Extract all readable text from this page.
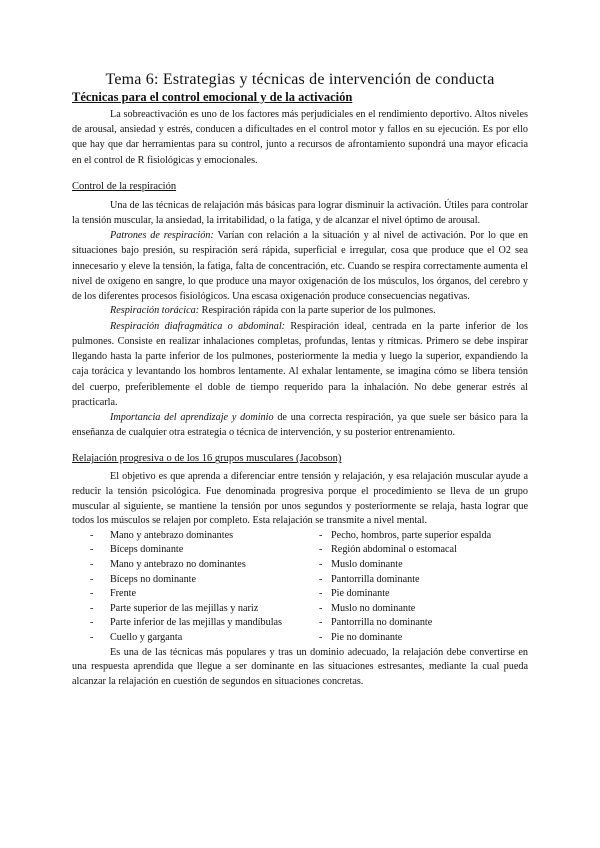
Tema 6: Estrategias y técnicas de intervención de conducta
Técnicas para el control emocional y de la activación

La sobreactivación es uno de los factores más perjudiciales en el rendimiento deportivo. Altos niveles de arousal, ansiedad y estrés, conducen a dificultades en el control motor y fallos en su ejecución. Es por ello que hay que dar herramientas para su control, junto a recursos de afrontamiento supondrá una mayor eficacia en el control de R fisiológicas y emocionales.

Control de la respiración

Una de las técnicas de relajación más básicas para lograr disminuir la activación. Útiles para controlar la tensión muscular, la ansiedad, la irritabilidad, o la fatiga, y de alcanzar el nivel óptimo de arousal.

Patrones de respiración: Varían con relación a la situación y al nivel de activación. Por lo que en situaciones bajo presión, su respiración será rápida, superficial e irregular, cosa que produce que el O2 sea innecesario y eleve la tensión, la fatiga, falta de concentración, etc. Cuando se respira correctamente aumenta el nivel de oxígeno en sangre, lo que produce una mayor oxigenación de los músculos, los órganos, del cerebro y de los diferentes procesos fisiológicos. Una escasa oxigenación produce consecuencias negativas.

Respiración torácica: Respiración rápida con la parte superior de los pulmones.

Respiración diafragmática o abdominal: Respiración ideal, centrada en la parte inferior de los pulmones. Consiste en realizar inhalaciones completas, profundas, lentas y rítmicas. Primero se debe inspirar llegando hasta la parte inferior de los pulmones, posteriormente la media y luego la superior, expandiendo la caja torácica y levantando los hombros lentamente. Al exhalar lentamente, se imagina cómo se libera tensión del cuerpo, preferiblemente el doble de tiempo requerido para la inhalación. No debe generar estrés al practicarla.

Importancia del aprendizaje y dominio de una correcta respiración, ya que suele ser básico para la enseñanza de cualquier otra estrategia o técnica de intervención, y su posterior entrenamiento.

Relajación progresiva o de los 16 grupos musculares (Jacobson)

El objetivo es que aprenda a diferenciar entre tensión y relajación, y esa relajación muscular ayude a reducir la tensión psicológica. Fue denominada progresiva porque el procedimiento se lleva de un grupo muscular al siguiente, se mantiene la tensión por unos segundos y posteriormente se relaja, hasta lograr que todos los músculos se relajen por completo. Esta relajación se transmite a nivel mental.

- Mano y antebrazo dominantes
- Bíceps dominante
- Mano y antebrazo no dominantes
- Bíceps no dominante
- Frente
- Parte superior de las mejillas y nariz
- Parte inferior de las mejillas y mandíbulas
- Cuello y garganta
- Pecho, hombros, parte superior espalda
- Región abdominal o estomacal
- Muslo dominante
- Pantorrilla dominante
- Pie dominante
- Muslo no dominante
- Pantorrilla no dominante
- Pie no dominante

Es una de las técnicas más populares y tras un dominio adecuado, la relajación debe convertirse en una respuesta aprendida que llegue a ser dominante en las situaciones estresantes, mediante la cual pueda alcanzar la relajación en cuestión de segundos en situaciones concretas.
